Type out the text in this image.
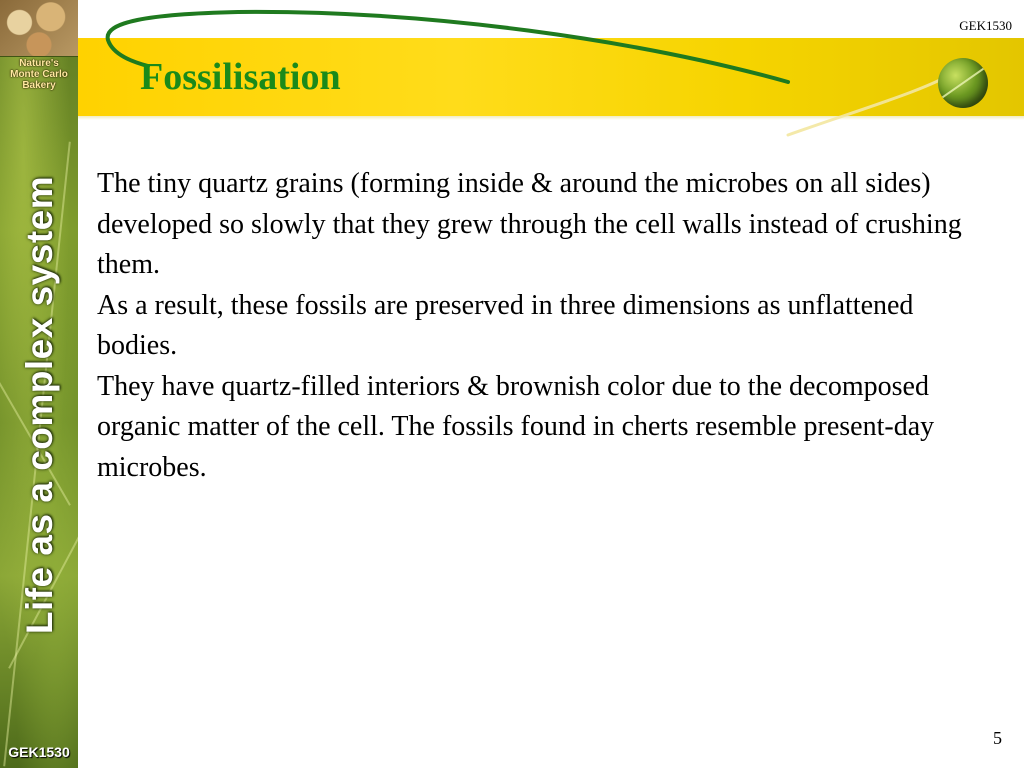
Nature's
Monte Carlo
Bakery
Life as a complex system
GEK1530
GEK1530
Fossilisation

The tiny quartz grains (forming inside & around the microbes on all sides) developed so slowly that they grew through the cell walls instead of crushing them.

As a result, these fossils are preserved in three dimensions as unflattened bodies.

They have quartz-filled interiors & brownish color due to the decomposed organic matter of the cell. The fossils found in cherts resemble present-day microbes.

5
